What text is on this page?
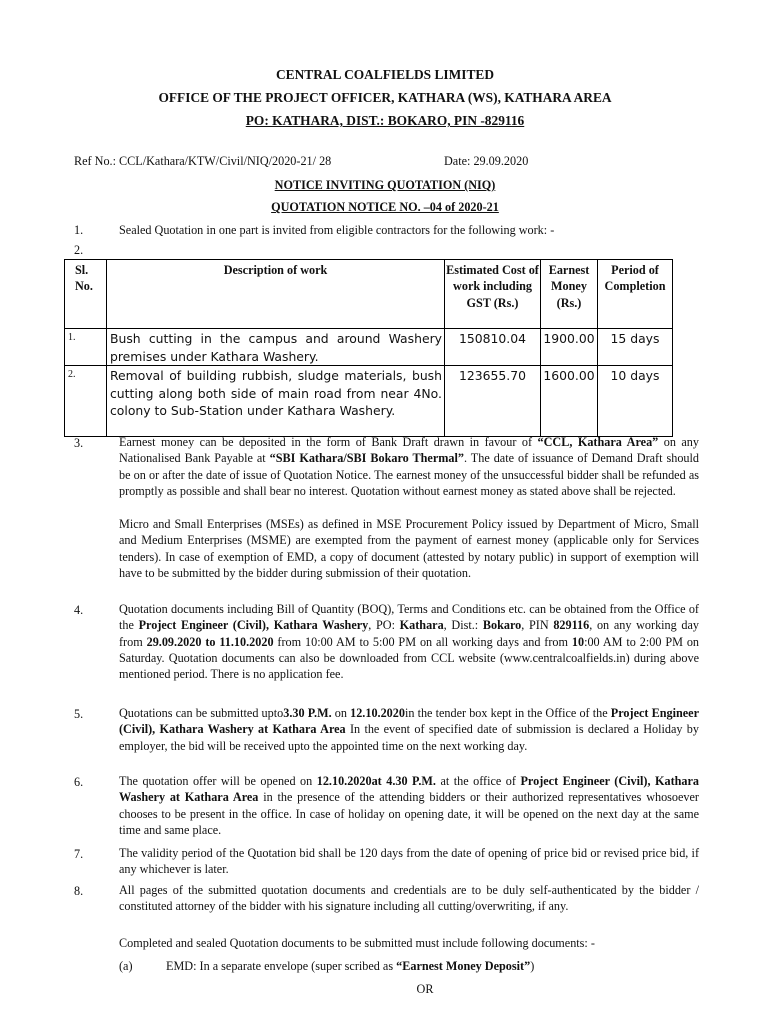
CENTRAL COALFIELDS LIMITED
OFFICE OF THE PROJECT OFFICER, KATHARA (WS), KATHARA AREA
PO: KATHARA, DIST.: BOKARO, PIN -829116
Ref No.: CCL/Kathara/KTW/Civil/NIQ/2020-21/ 28	Date: 29.09.2020
NOTICE INVITING QUOTATION (NIQ)
QUOTATION NOTICE NO. –04 of 2020-21
1.	Sealed Quotation in one part is invited from eligible contractors for the following work: -
2.
Sl. No.	Description of work	Estimated Cost of work including GST (Rs.)	Earnest Money (Rs.)	Period of Completion
1.	Bush cutting in the campus and around Washery premises under Kathara Washery.	150810.04	1900.00	15 days
2.	Removal of building rubbish, sludge materials, bush cutting along both side of main road from near 4No. colony to Sub-Station under Kathara Washery.	123655.70	1600.00	10 days
3.	Earnest money can be deposited in the form of Bank Draft drawn in favour of “CCL, Kathara Area” on any Nationalised Bank Payable at “SBI Kathara/SBI Bokaro Thermal”. The date of issuance of Demand Draft should be on or after the date of issue of Quotation Notice. The earnest money of the unsuccessful bidder shall be refunded as promptly as possible and shall bear no interest. Quotation without earnest money as stated above shall be rejected.
Micro and Small Enterprises (MSEs) as defined in MSE Procurement Policy issued by Department of Micro, Small and Medium Enterprises (MSME) are exempted from the payment of earnest money (applicable only for Services tenders). In case of exemption of EMD, a copy of document (attested by notary public) in support of exemption will have to be submitted by the bidder during submission of their quotation.
4.	Quotation documents including Bill of Quantity (BOQ), Terms and Conditions etc. can be obtained from the Office of the Project Engineer (Civil), Kathara Washery, PO: Kathara, Dist.: Bokaro, PIN 829116, on any working day from 29.09.2020 to 11.10.2020 from 10:00 AM to 5:00 PM on all working days and from 10:00 AM to 2:00 PM on Saturday. Quotation documents can also be downloaded from CCL website (www.centralcoalfields.in) during above mentioned period. There is no application fee.
5.	Quotations can be submitted upto3.30 P.M. on 12.10.2020in the tender box kept in the Office of the Project Engineer (Civil), Kathara Washery at Kathara Area In the event of specified date of submission is declared a Holiday by employer, the bid will be received upto the appointed time on the next working day.
6.	The quotation offer will be opened on 12.10.2020at 4.30 P.M. at the office of Project Engineer (Civil), Kathara Washery at Kathara Area in the presence of the attending bidders or their authorized representatives whosoever chooses to be present in the office. In case of holiday on opening date, it will be opened on the next day at the same time and same place.
7.	The validity period of the Quotation bid shall be 120 days from the date of opening of price bid or revised price bid, if any whichever is later.
8.	All pages of the submitted quotation documents and credentials are to be duly self-authenticated by the bidder / constituted attorney of the bidder with his signature including all cutting/overwriting, if any.
Completed and sealed Quotation documents to be submitted must include following documents: -
(a)	EMD: In a separate envelope (super scribed as “Earnest Money Deposit”)
OR
